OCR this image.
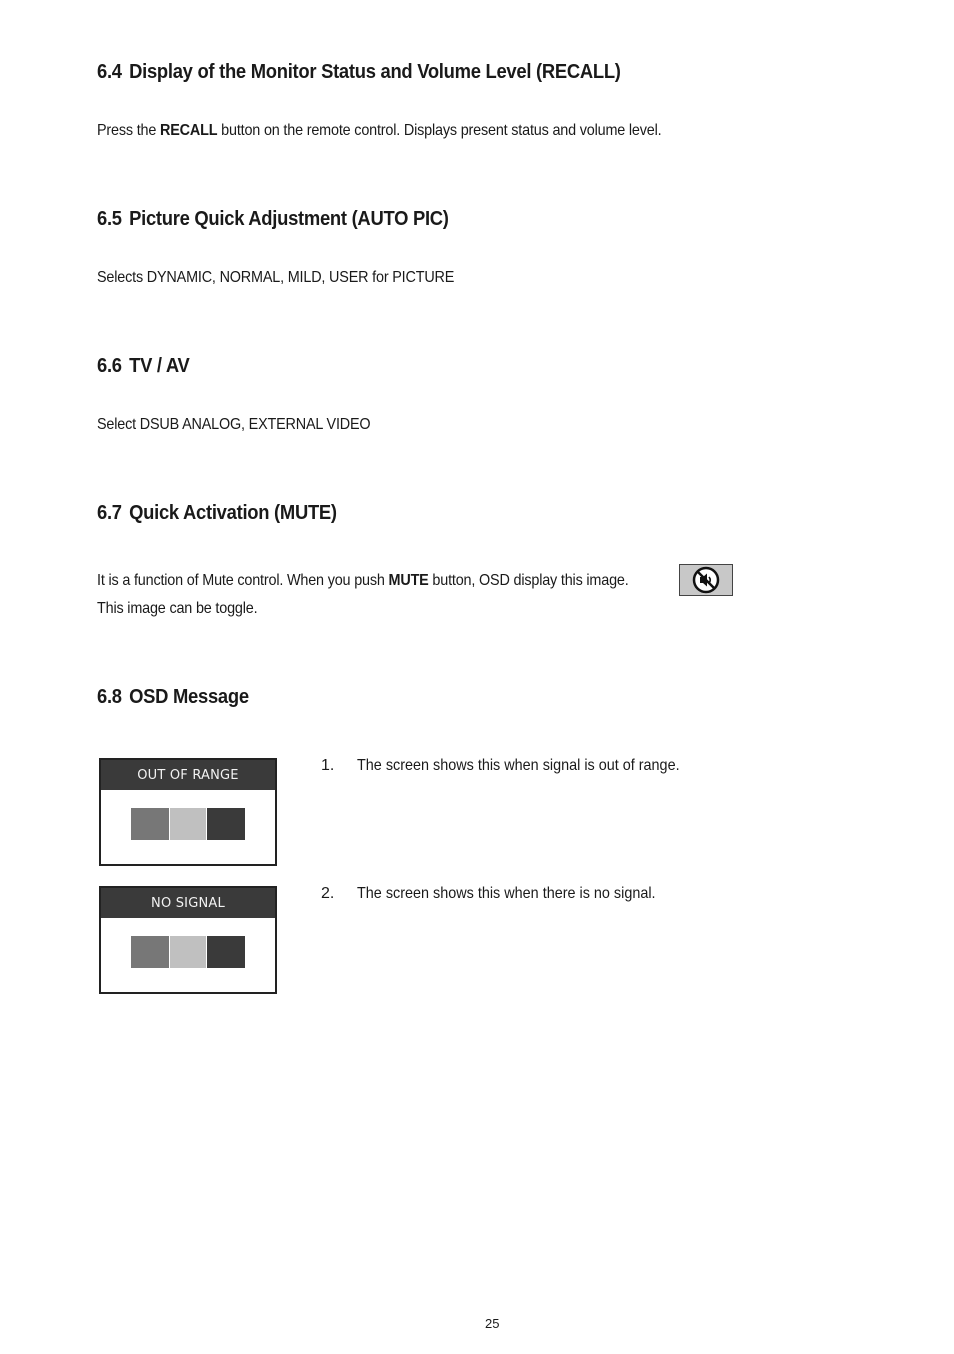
6.4 Display of the Monitor Status and Volume Level (RECALL)
Press the RECALL button on the remote control. Displays present status and volume level.
6.5 Picture Quick Adjustment (AUTO PIC)
Selects DYNAMIC, NORMAL, MILD, USER for PICTURE
6.6 TV / AV
Select DSUB ANALOG, EXTERNAL VIDEO
6.7 Quick Activation (MUTE)
It is a function of Mute control. When you push MUTE button, OSD display this image.
This image can be toggle.
6.8 OSD Message
OUT OF RANGE
1. The screen shows this when signal is out of range.
NO SIGNAL
2. The screen shows this when there is no signal.
25
